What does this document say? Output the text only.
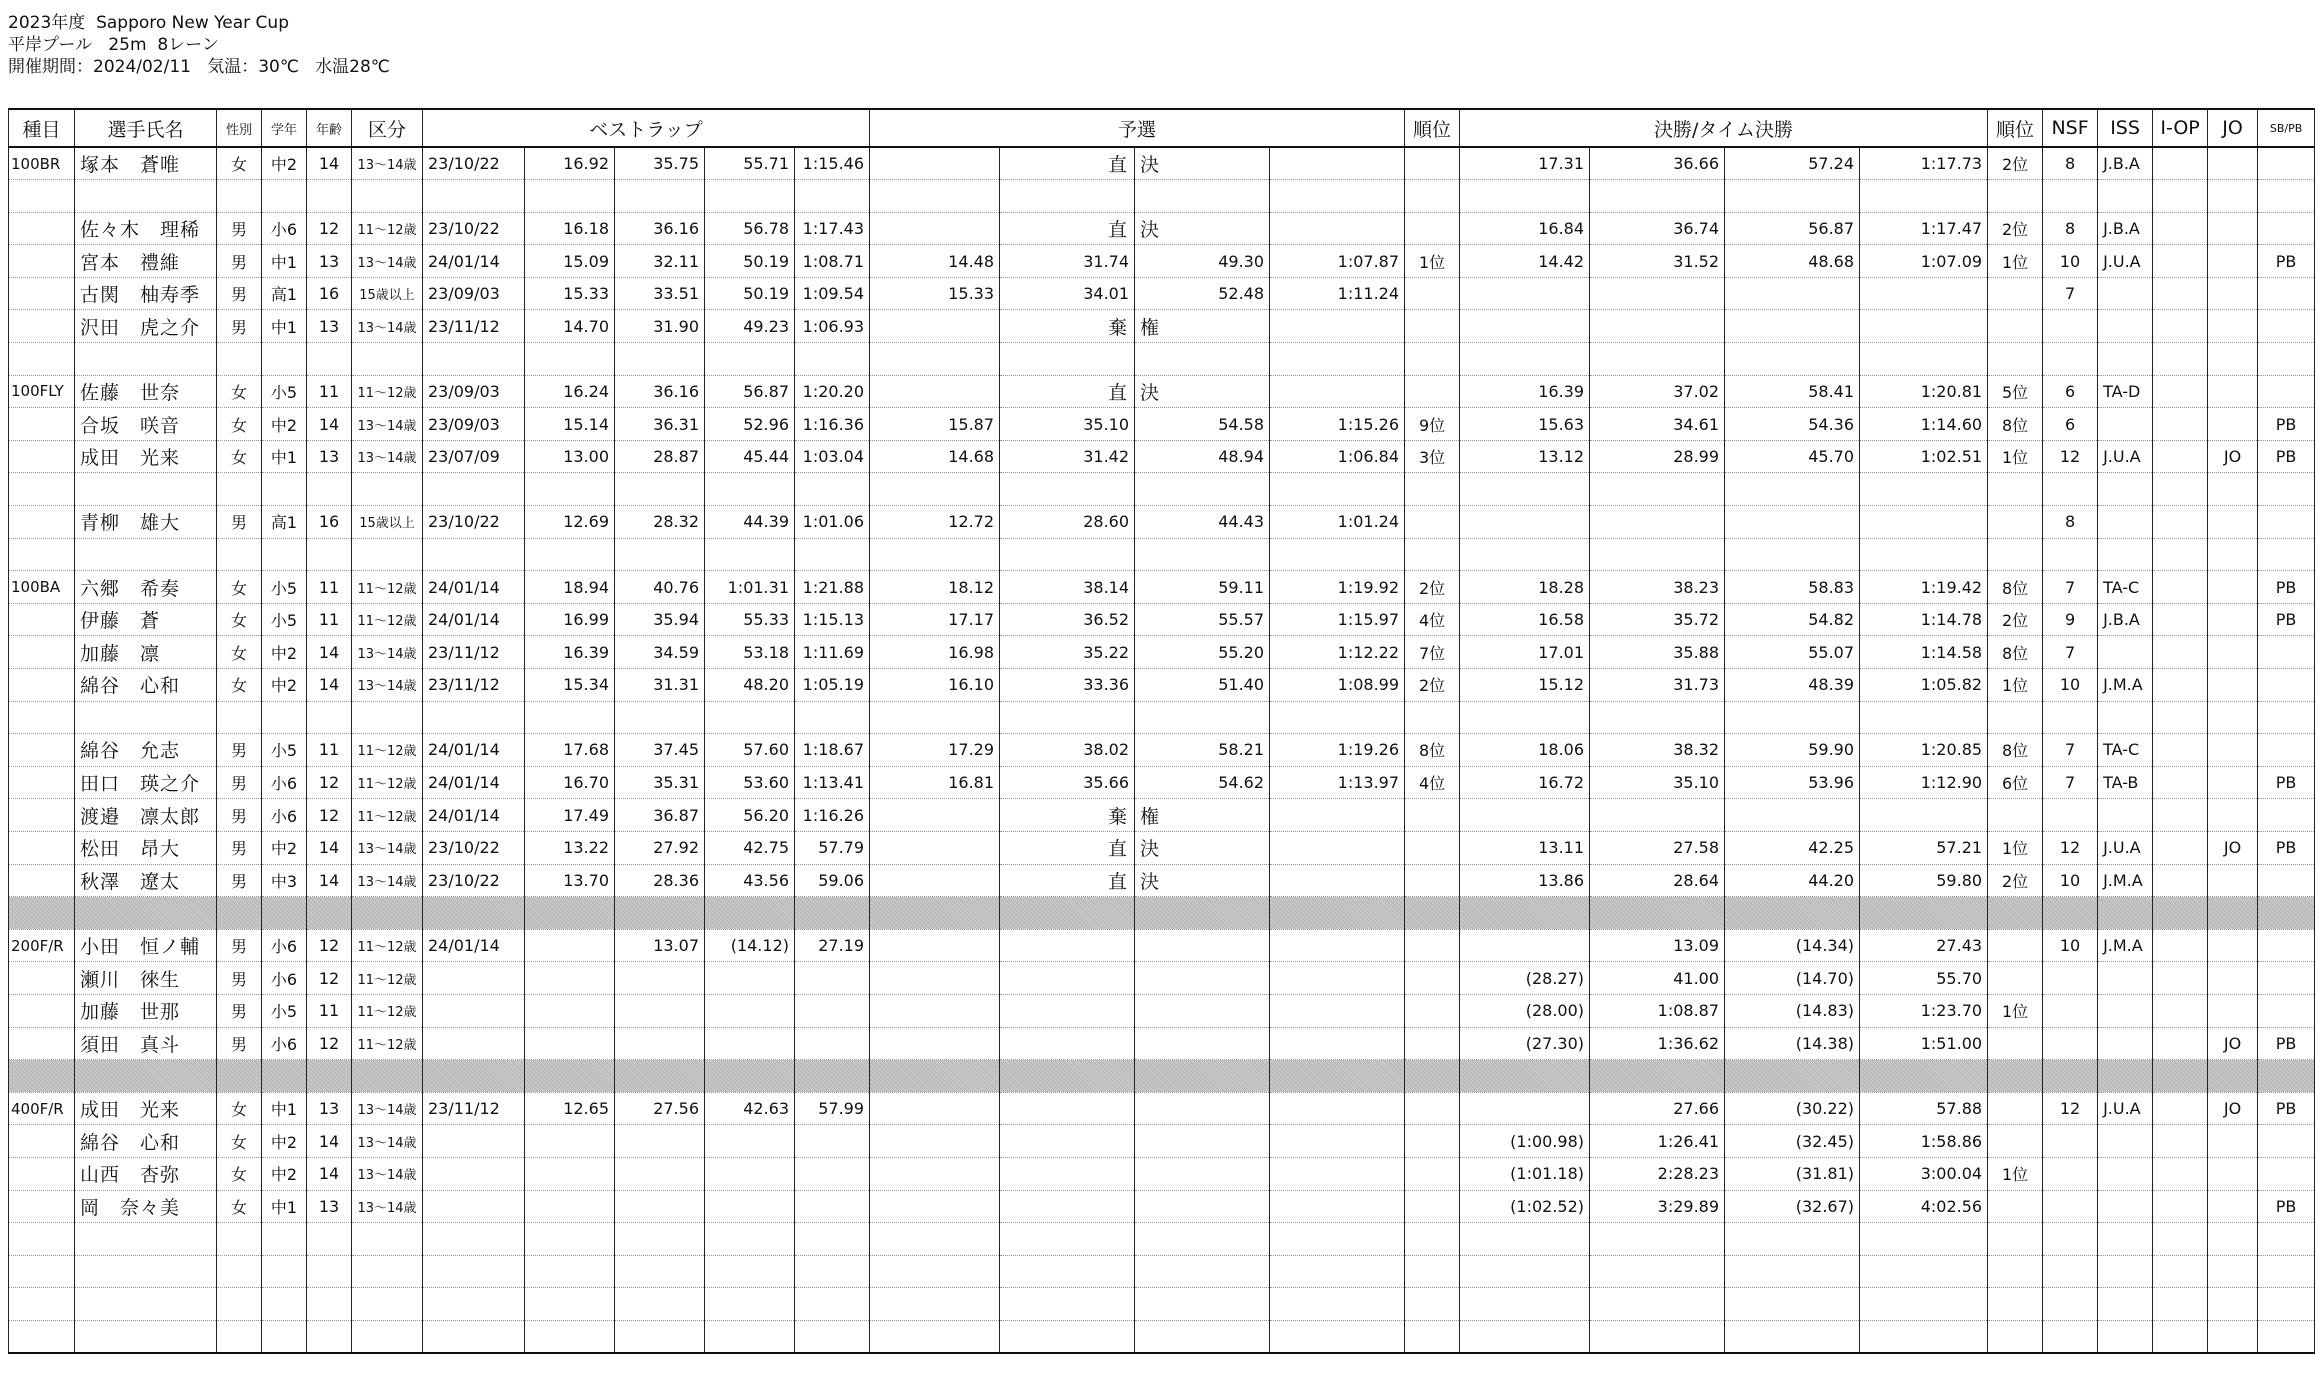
2023年度  Sapporo New Year Cup
平岸プール   25m  8レーン
開催期間：2024/02/11   気温：30℃   水温28℃
種目	選手氏名	性別	学年	年齢	区分	ベストラップ					予選				順位	決勝/タイム決勝				順位	NSF	ISS	I-OP	JO	SB/PB
100BR	塚本　蒼唯	女	中2	14	13～14歳	23/10/22	16.92	35.75	55.71	1:15.46		直	決			17.31	36.66	57.24	1:17.73	2位	8	J.B.A			

	佐々木　理稀	男	小6	12	11～12歳	23/10/22	16.18	36.16	56.78	1:17.43		直	決			16.84	36.74	56.87	1:17.47	2位	8	J.B.A			
	宮本　禮維	男	中1	13	13～14歳	24/01/14	15.09	32.11	50.19	1:08.71	14.48	31.74	49.30	1:07.87	1位	14.42	31.52	48.68	1:07.09	1位	10	J.U.A			PB
	古関　柚寿季	男	高1	16	15歳以上	23/09/03	15.33	33.51	50.19	1:09.54	15.33	34.01	52.48	1:11.24							7				
	沢田　虎之介	男	中1	13	13～14歳	23/11/12	14.70	31.90	49.23	1:06.93		棄	権												

100FLY	佐藤　世奈	女	小5	11	11～12歳	23/09/03	16.24	36.16	56.87	1:20.20		直	決			16.39	37.02	58.41	1:20.81	5位	6	TA-D			
	合坂　咲音	女	中2	14	13～14歳	23/09/03	15.14	36.31	52.96	1:16.36	15.87	35.10	54.58	1:15.26	9位	15.63	34.61	54.36	1:14.60	8位	6				PB
	成田　光来	女	中1	13	13～14歳	23/07/09	13.00	28.87	45.44	1:03.04	14.68	31.42	48.94	1:06.84	3位	13.12	28.99	45.70	1:02.51	1位	12	J.U.A		JO	PB

	青柳　雄大	男	高1	16	15歳以上	23/10/22	12.69	28.32	44.39	1:01.06	12.72	28.60	44.43	1:01.24							8				

100BA	六郷　希奏	女	小5	11	11～12歳	24/01/14	18.94	40.76	1:01.31	1:21.88	18.12	38.14	59.11	1:19.92	2位	18.28	38.23	58.83	1:19.42	8位	7	TA-C			PB
	伊藤　蒼	女	小5	11	11～12歳	24/01/14	16.99	35.94	55.33	1:15.13	17.17	36.52	55.57	1:15.97	4位	16.58	35.72	54.82	1:14.78	2位	9	J.B.A			PB
	加藤　凛	女	中2	14	13～14歳	23/11/12	16.39	34.59	53.18	1:11.69	16.98	35.22	55.20	1:12.22	7位	17.01	35.88	55.07	1:14.58	8位	7				
	綿谷　心和	女	中2	14	13～14歳	23/11/12	15.34	31.31	48.20	1:05.19	16.10	33.36	51.40	1:08.99	2位	15.12	31.73	48.39	1:05.82	1位	10	J.M.A			

	綿谷　允志	男	小5	11	11～12歳	24/01/14	17.68	37.45	57.60	1:18.67	17.29	38.02	58.21	1:19.26	8位	18.06	38.32	59.90	1:20.85	8位	7	TA-C			
	田口　瑛之介	男	小6	12	11～12歳	24/01/14	16.70	35.31	53.60	1:13.41	16.81	35.66	54.62	1:13.97	4位	16.72	35.10	53.96	1:12.90	6位	7	TA-B			PB
	渡邉　凛太郎	男	小6	12	11～12歳	24/01/14	17.49	36.87	56.20	1:16.26		棄	権												
	松田　昂大	男	中2	14	13～14歳	23/10/22	13.22	27.92	42.75	57.79		直	決			13.11	27.58	42.25	57.21	1位	12	J.U.A		JO	PB
	秋澤　遼太	男	中3	14	13～14歳	23/10/22	13.70	28.36	43.56	59.06		直	決			13.86	28.64	44.20	59.80	2位	10	J.M.A			

200F/R	小田　恒ノ輔	男	小6	12	11～12歳	24/01/14		13.07	(14.12)	27.19							13.09	(14.34)	27.43		10	J.M.A			
	瀬川　徠生	男	小6	12	11～12歳											(28.27)	41.00	(14.70)	55.70						
	加藤　世那	男	小5	11	11～12歳											(28.00)	1:08.87	(14.83)	1:23.70	1位					
	須田　真斗	男	小6	12	11～12歳											(27.30)	1:36.62	(14.38)	1:51.00					JO	PB

400F/R	成田　光来	女	中1	13	13～14歳	23/11/12	12.65	27.56	42.63	57.99							27.66	(30.22)	57.88		12	J.U.A		JO	PB
	綿谷　心和	女	中2	14	13～14歳											(1:00.98)	1:26.41	(32.45)	1:58.86						
	山西　杏弥	女	中2	14	13～14歳											(1:01.18)	2:28.23	(31.81)	3:00.04	1位					
	岡　奈々美	女	中1	13	13～14歳											(1:02.52)	3:29.89	(32.67)	4:02.56						PB
